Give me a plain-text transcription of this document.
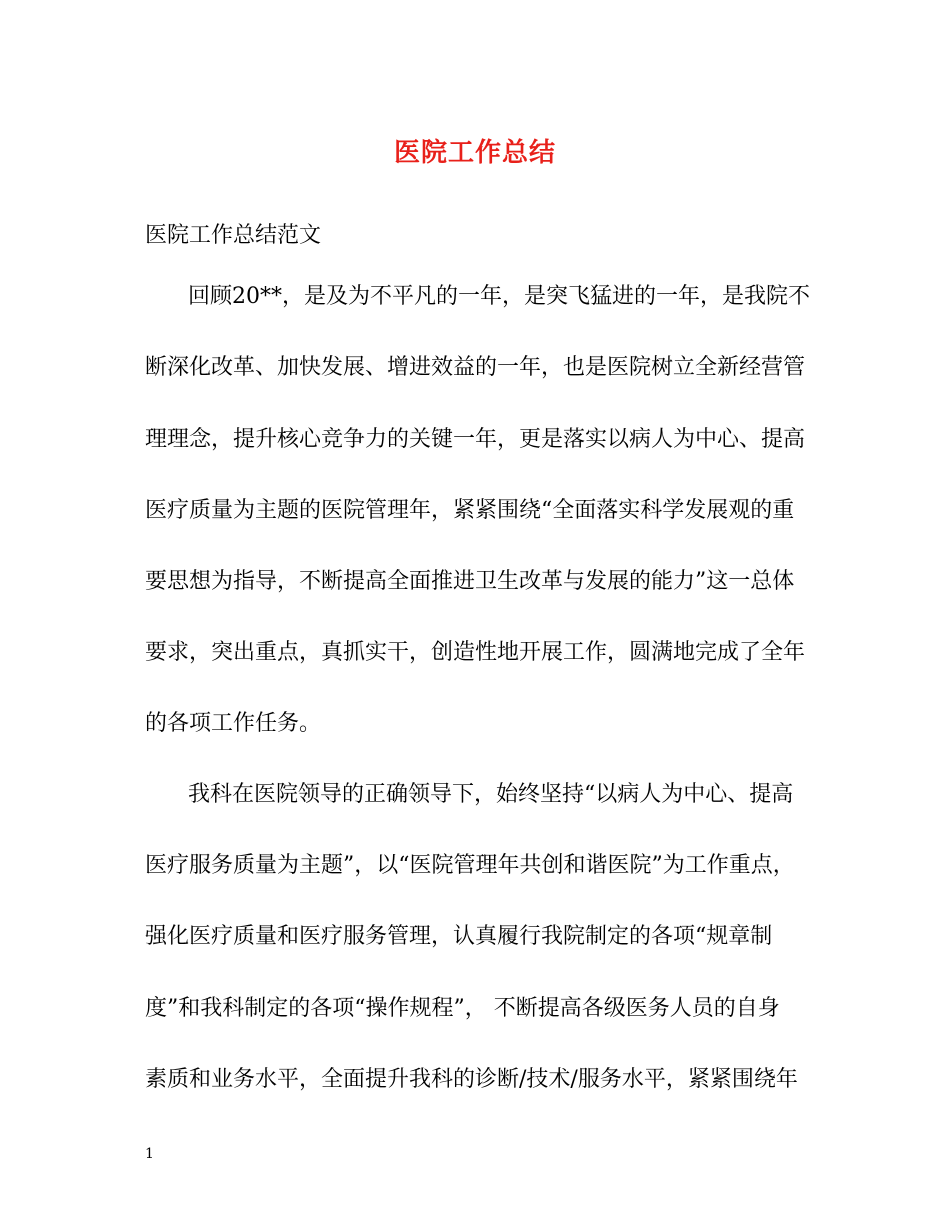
医院工作总结
医院工作总结范文
回顾20**，是及为不平凡的一年，是突飞猛进的一年，是我院不
断深化改革、加快发展、增进效益的一年，也是医院树立全新经营管
理理念，提升核心竞争力的关键一年，更是落实以病人为中心、提高
医疗质量为主题的医院管理年，紧紧围绕“全面落实科学发展观的重
要思想为指导，不断提高全面推进卫生改革与发展的能力”这一总体
要求，突出重点，真抓实干，创造性地开展工作，圆满地完成了全年
的各项工作任务。
我科在医院领导的正确领导下，始终坚持“以病人为中心、提高
医疗服务质量为主题”，以“医院管理年共创和谐医院”为工作重点，
强化医疗质量和医疗服务管理，认真履行我院制定的各项“规章制
度”和我科制定的各项“操作规程”， 不断提高各级医务人员的自身
素质和业务水平，全面提升我科的诊断/技术/服务水平，紧紧围绕年
1
